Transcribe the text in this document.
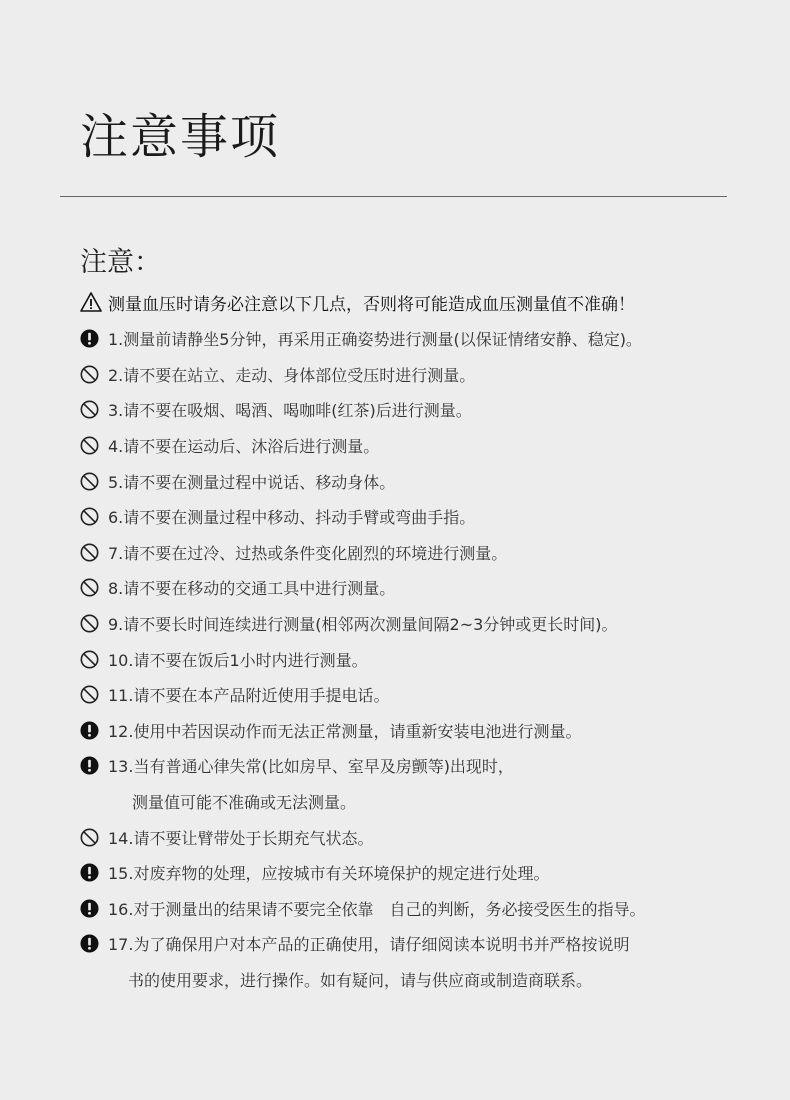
注意事项
注意：
测量血压时请务必注意以下几点，否则将可能造成血压测量值不准确！
1.测量前请静坐5分钟，再采用正确姿势进行测量(以保证情绪安静、稳定)。
2.请不要在站立、走动、身体部位受压时进行测量。
3.请不要在吸烟、喝酒、喝咖啡(红茶)后进行测量。
4.请不要在运动后、沐浴后进行测量。
5.请不要在测量过程中说话、移动身体。
6.请不要在测量过程中移动、抖动手臂或弯曲手指。
7.请不要在过冷、过热或条件变化剧烈的环境进行测量。
8.请不要在移动的交通工具中进行测量。
9.请不要长时间连续进行测量(相邻两次测量间隔2~3分钟或更长时间)。
10.请不要在饭后1小时内进行测量。
11.请不要在本产品附近使用手提电话。
12.使用中若因误动作而无法正常测量，请重新安装电池进行测量。
13.当有普通心律失常(比如房早、室早及房颤等)出现时，
测量值可能不准确或无法测量。
14.请不要让臂带处于长期充气状态。
15.对废弃物的处理，应按城市有关环境保护的规定进行处理。
16.对于测量出的结果请不要完全依靠　自己的判断，务必接受医生的指导。
17.为了确保用户对本产品的正确使用，请仔细阅读本说明书并严格按说明
书的使用要求，进行操作。如有疑问，请与供应商或制造商联系。
